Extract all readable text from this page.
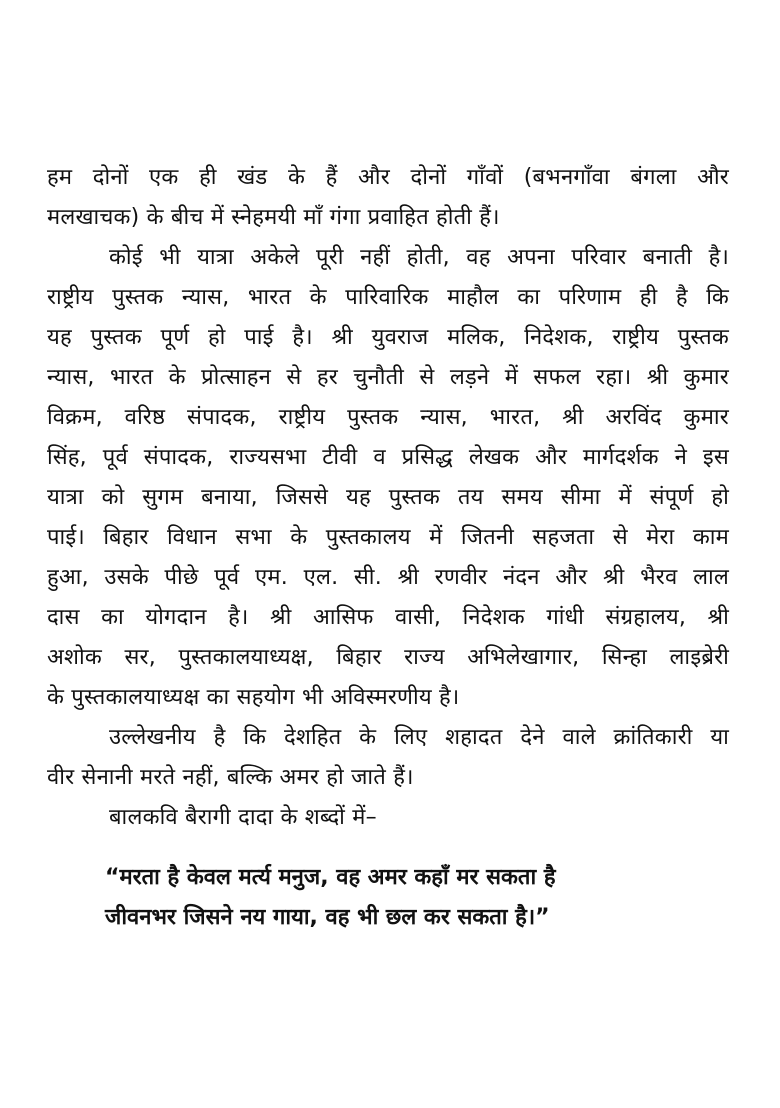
हम दोनों एक ही खंड के हैं और दोनों गाँवों (बभनगाँवा बंगला और
मलखाचक) के बीच में स्नेहमयी माँ गंगा प्रवाहित होती हैं।
कोई भी यात्रा अकेले पूरी नहीं होती, वह अपना परिवार बनाती है।
राष्ट्रीय पुस्तक न्यास, भारत के पारिवारिक माहौल का परिणाम ही है कि
यह पुस्तक पूर्ण हो पाई है। श्री युवराज मलिक, निदेशक, राष्ट्रीय पुस्तक
न्यास, भारत के प्रोत्साहन से हर चुनौती से लड़ने में सफल रहा। श्री कुमार
विक्रम, वरिष्ठ संपादक, राष्ट्रीय पुस्तक न्यास, भारत, श्री अरविंद कुमार
सिंह, पूर्व संपादक, राज्यसभा टीवी व प्रसिद्ध लेखक और मार्गदर्शक ने इस
यात्रा को सुगम बनाया, जिससे यह पुस्तक तय समय सीमा में संपूर्ण हो
पाई। बिहार विधान सभा के पुस्तकालय में जितनी सहजता से मेरा काम
हुआ, उसके पीछे पूर्व एम. एल. सी. श्री रणवीर नंदन और श्री भैरव लाल
दास का योगदान है। श्री आसिफ वासी, निदेशक गांधी संग्रहालय, श्री
अशोक सर, पुस्तकालयाध्यक्ष, बिहार राज्य अभिलेखागार, सिन्हा लाइब्रेरी
के पुस्तकालयाध्यक्ष का सहयोग भी अविस्मरणीय है।
उल्लेखनीय है कि देशहित के लिए शहादत देने वाले क्रांतिकारी या
वीर सेनानी मरते नहीं, बल्कि अमर हो जाते हैं।
बालकवि बैरागी दादा के शब्दों में–
“मरता है केवल मर्त्य मनुज, वह अमर कहाँ मर सकता है
जीवनभर जिसने नय गाया, वह भी छल कर सकता है।”
